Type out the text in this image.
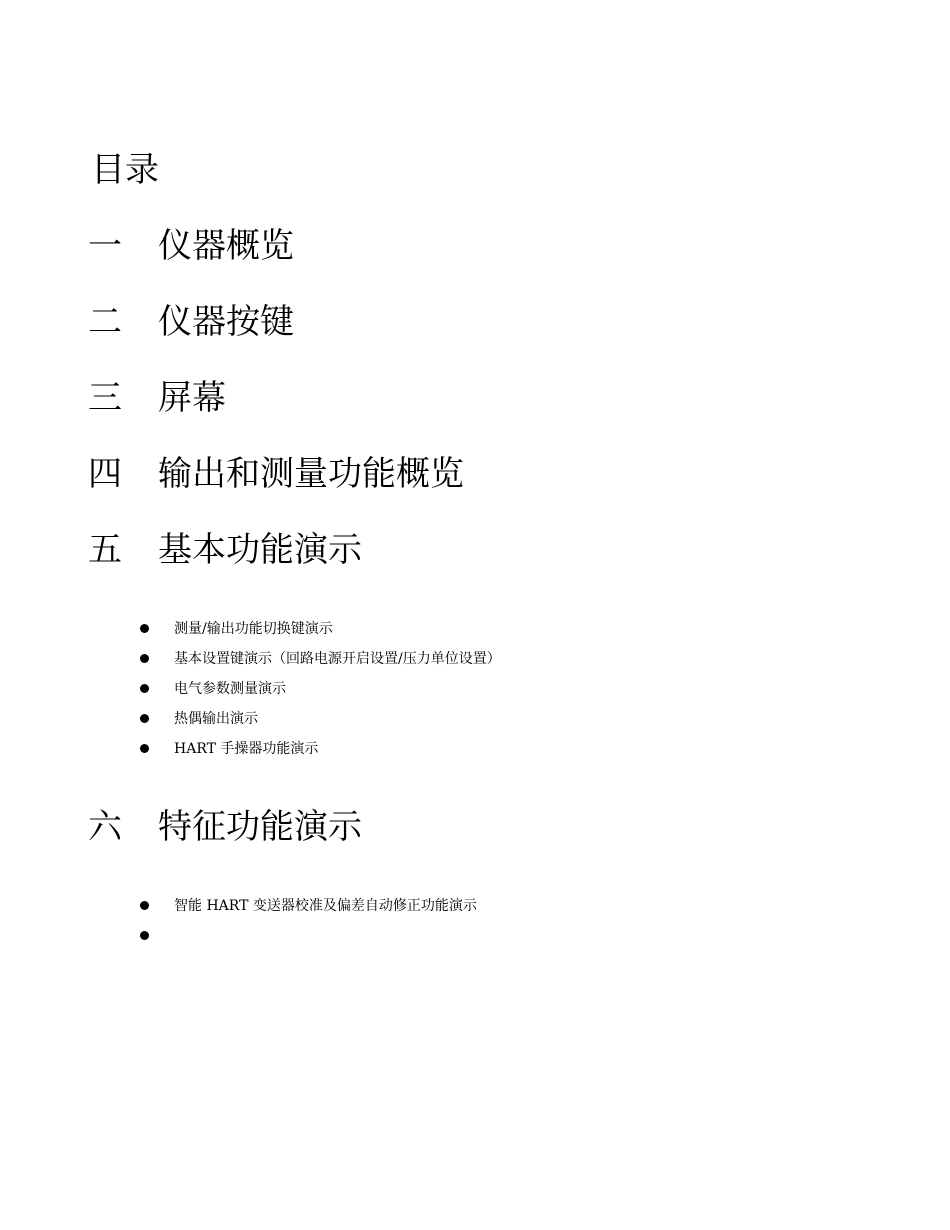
目录
一 仪器概览
二 仪器按键
三 屏幕
四 输出和测量功能概览
五 基本功能演示
测量/输出功能切换键演示
基本设置键演示（回路电源开启设置/压力单位设置）
电气参数测量演示
热偶输出演示
HART 手操器功能演示
六 特征功能演示
智能 HART 变送器校准及偏差自动修正功能演示
